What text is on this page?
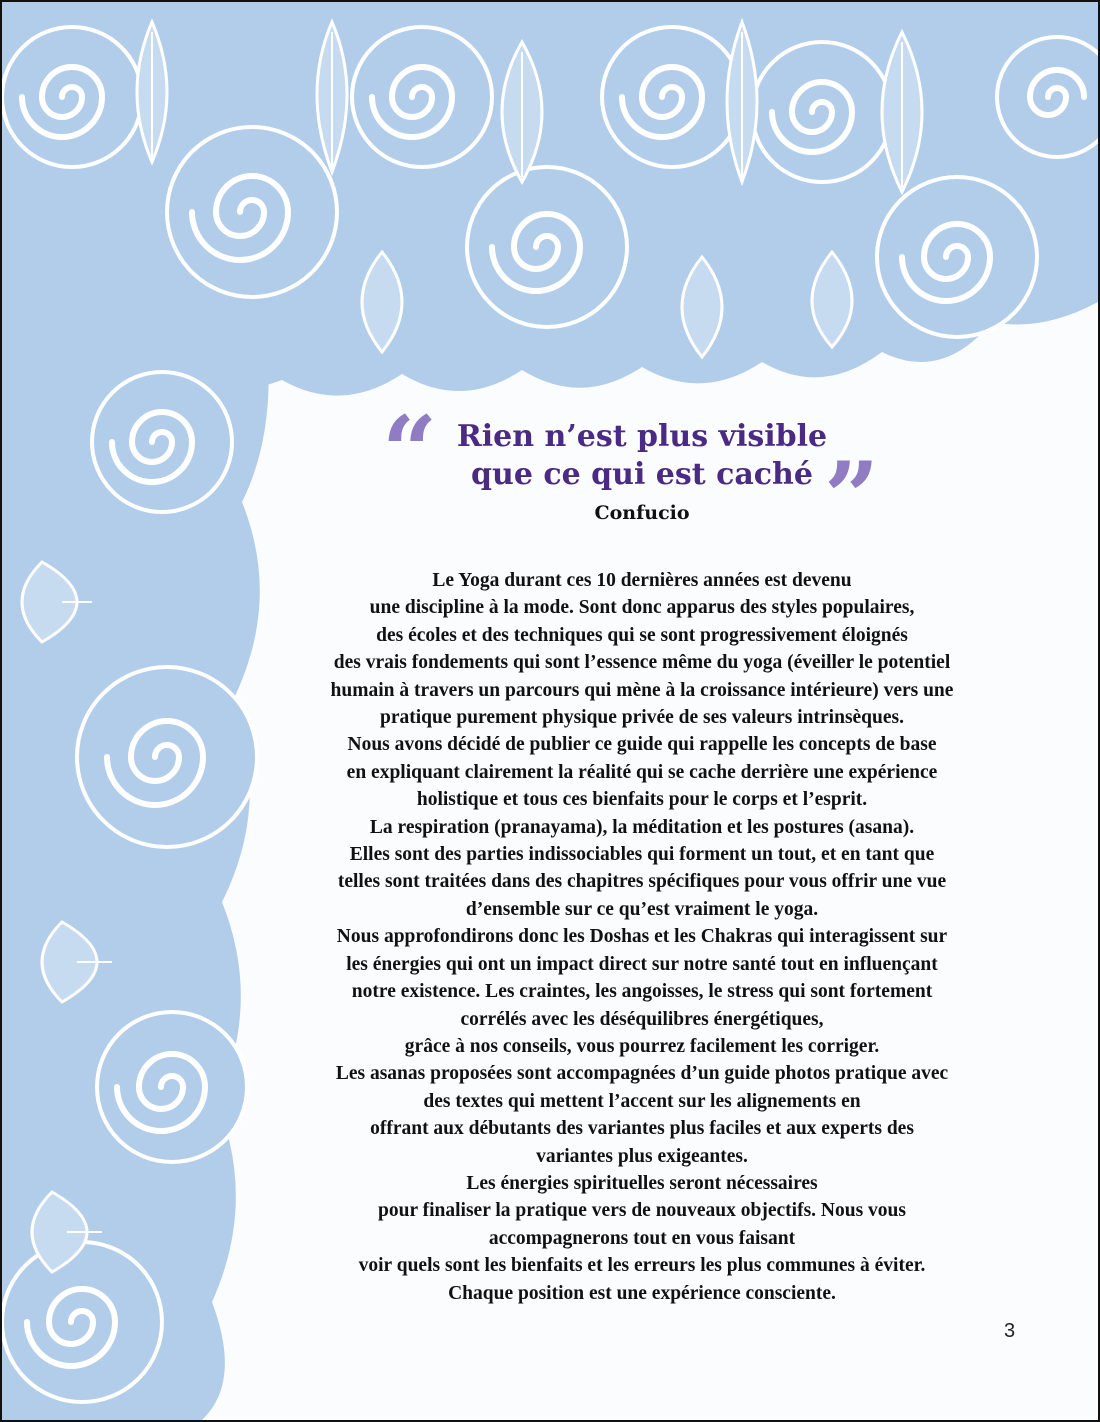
“ Rien n’est plus visible
que ce qui est caché ”
Confucio
Le Yoga durant ces 10 dernières années est devenu
une discipline à la mode. Sont donc apparus des styles populaires,
des écoles et des techniques qui se sont progressivement éloignés
des vrais fondements qui sont l’essence même du yoga (éveiller le potentiel
humain à travers un parcours qui mène à la croissance intérieure) vers une
pratique purement physique privée de ses valeurs intrinsèques.
Nous avons décidé de publier ce guide qui rappelle les concepts de base
en expliquant clairement la réalité qui se cache derrière une expérience
holistique et tous ces bienfaits pour le corps et l’esprit.
La respiration (pranayama), la méditation et les postures (asana).
Elles sont des parties indissociables qui forment un tout, et en tant que
telles sont traitées dans des chapitres spécifiques pour vous offrir une vue
d’ensemble sur ce qu’est vraiment le yoga.
Nous approfondirons donc les Doshas et les Chakras qui interagissent sur
les énergies qui ont un impact direct sur notre santé tout en influençant
notre existence. Les craintes, les angoisses, le stress qui sont fortement
corrélés avec les déséquilibres énergétiques,
grâce à nos conseils, vous pourrez facilement les corriger.
Les asanas proposées sont accompagnées d’un guide photos pratique avec
des textes qui mettent l’accent sur les alignements en
offrant aux débutants des variantes plus faciles et aux experts des
variantes plus exigeantes.
Les énergies spirituelles seront nécessaires
pour finaliser la pratique vers de nouveaux objectifs. Nous vous
accompagnerons tout en vous faisant
voir quels sont les bienfaits et les erreurs les plus communes à éviter.
Chaque position est une expérience consciente.
3
